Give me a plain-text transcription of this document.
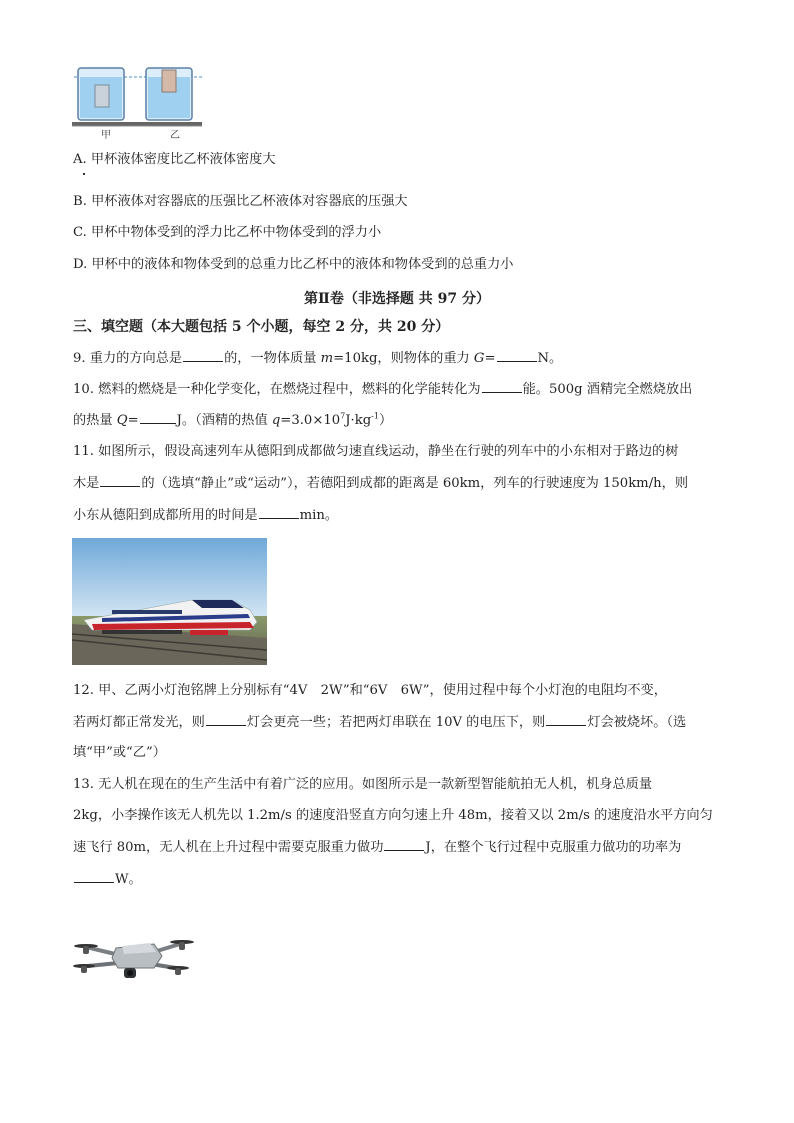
甲	乙
A. 甲杯液体密度比乙杯液体密度大
B. 甲杯液体对容器底的压强比乙杯液体对容器底的压强大
C. 甲杯中物体受到的浮力比乙杯中物体受到的浮力小
D. 甲杯中的液体和物体受到的总重力比乙杯中的液体和物体受到的总重力小
第Ⅱ卷（非选择题 共 97 分）
三、填空题（本大题包括 5 个小题，每空 2 分，共 20 分）
9. 重力的方向总是	的，一物体质量 m=10kg，则物体的重力 G=	N。
10. 燃料的燃烧是一种化学变化，在燃烧过程中，燃料的化学能转化为	能。500g 酒精完全燃烧放出
的热量 Q=	J。（酒精的热值 $q=3.0\times 10^7J\cdot kg^{-1}$）
11. 如图所示，假设高速列车从德阳到成都做匀速直线运动，静坐在行驶的列车中的小东相对于路边的树
木是	的（选填“静止”或“运动”），若德阳到成都的距离是 60km，列车的行驶速度为 150km/h，则
小东从德阳到成都所用的时间是	min。
12. 甲、乙两小灯泡铭牌上分别标有“4V　2W”和“6V　6W”，使用过程中每个小灯泡的电阻均不变，
若两灯都正常发光，则	灯会更亮一些；若把两灯串联在 10V 的电压下，则	灯会被烧坏。（选
填“甲”或“乙”）
13. 无人机在现在的生产生活中有着广泛的应用。如图所示是一款新型智能航拍无人机，机身总质量
2kg，小李操作该无人机先以 1.2m/s 的速度沿竖直方向匀速上升 48m，接着又以 2m/s 的速度沿水平方向匀
速飞行 80m，无人机在上升过程中需要克服重力做功	J，在整个飞行过程中克服重力做功的功率为
W。
